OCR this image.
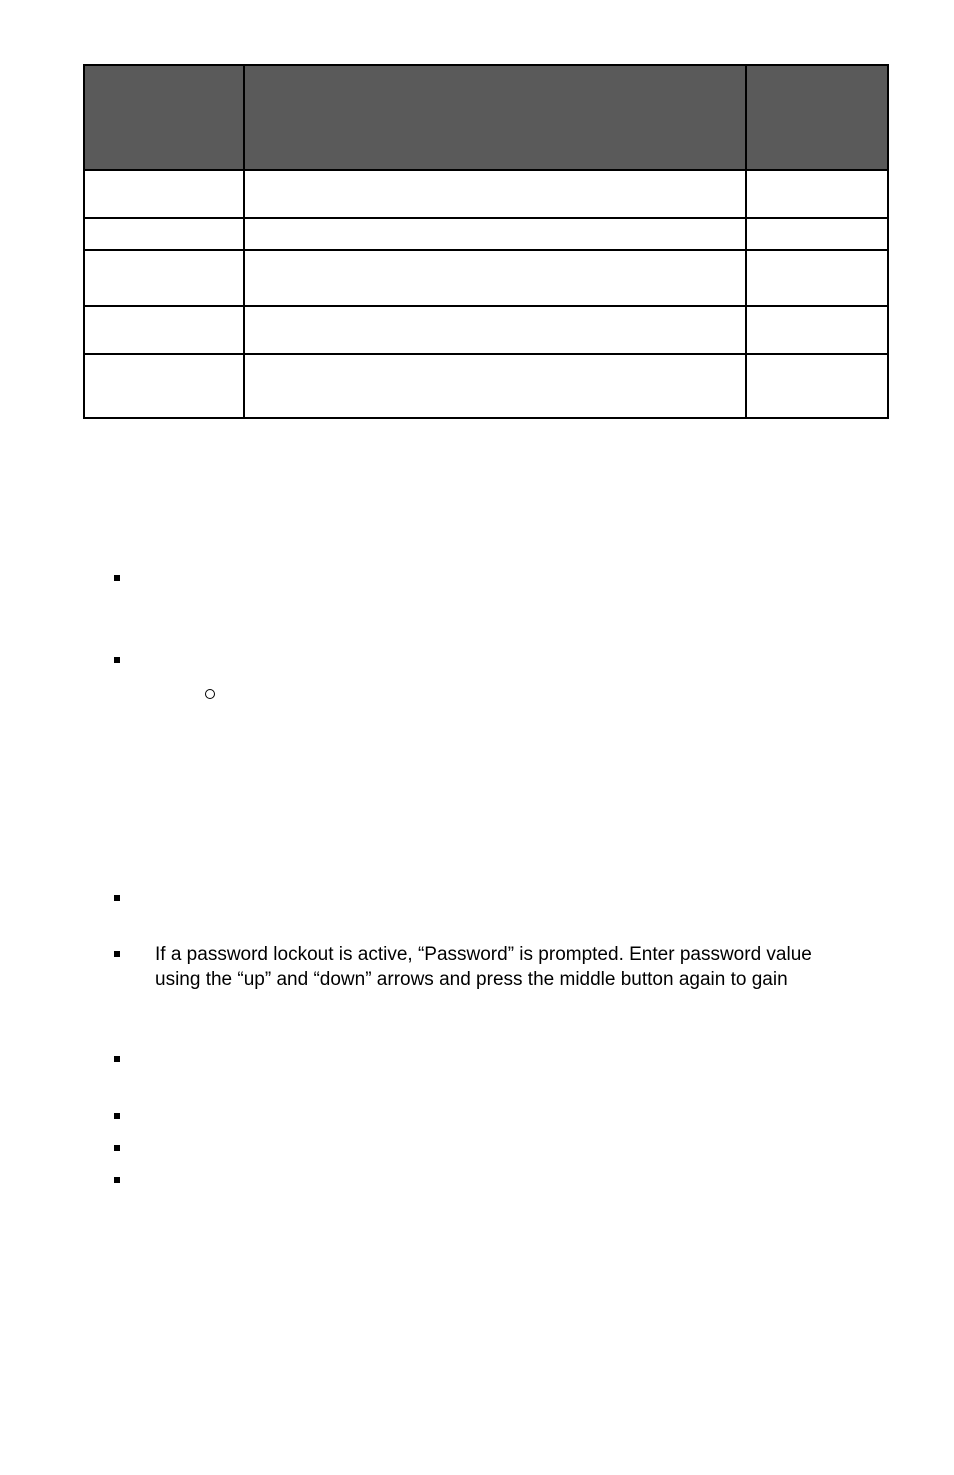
If a password lockout is active, “Password” is prompted. Enter password value
using the “up” and “down” arrows and press the middle button again to gain
